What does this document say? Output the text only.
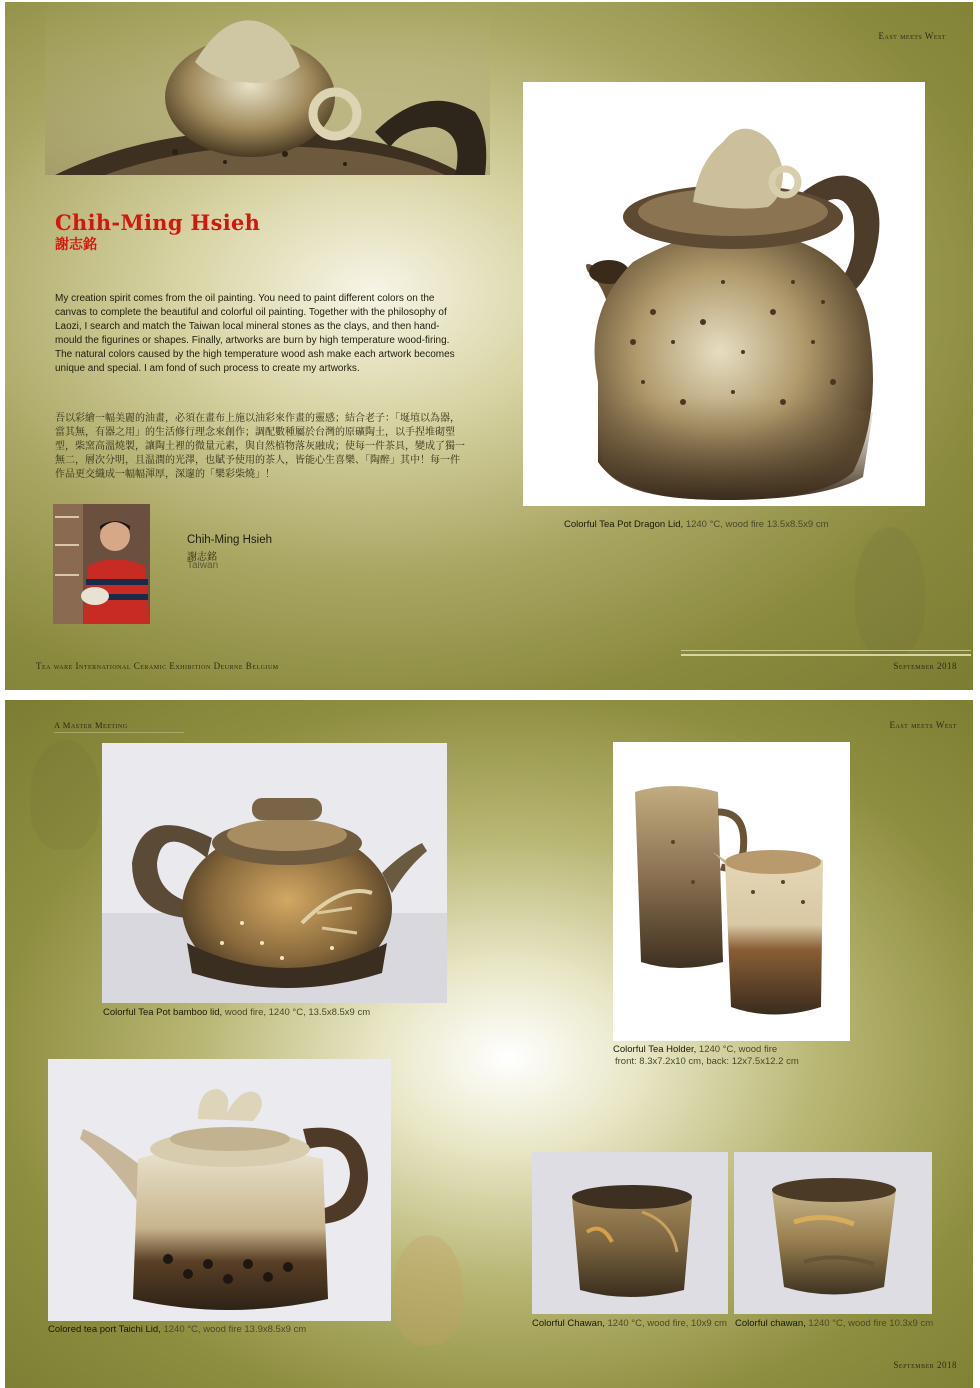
East meets West
Chih-Ming Hsieh
謝志銘
My creation spirit comes from the oil painting. You need to paint different colors on the canvas to complete the beautiful and colorful oil painting. Together with the philosophy of Laozi, I search and match the Taiwan local mineral stones as the clays, and then hand-mould the figurines or shapes. Finally, artworks are burn by high temperature wood-firing.
The natural colors caused by the high temperature wood ash make each artwork becomes unique and special. I am fond of such process to create my artworks.
吾以彩繪一幅美麗的油畫，必須在畫布上施以油彩來作畫的靈感；結合老子：「埏埴以為器，當其無，有器之用」的生活修行理念來創作；調配數種屬於台灣的原礦陶土，以手捏堆砌塑型，柴窯高溫燒製，讓陶土裡的微量元素，與自然植物落灰融成；使每一件茶具，變成了獨一無二，層次分明，且温潤的光澤，也賦予使用的茶人，皆能心生喜樂、「陶醉」其中！每一件作品更交織成一幅幅渾厚，深邃的「樂彩柴燒」！
Chih-Ming Hsieh
謝志銘
Taiwan
Colorful Tea Pot Dragon Lid, 1240 °C, wood fire 13.5x8.5x9 cm
Tea ware International Ceramic Exhibition Deurne Belgium	September 2018
A Master Meeting	East meets West
Colorful Tea Pot bamboo lid, wood fire, 1240 °C, 13.5x8.5x9 cm
Colorful Tea Holder, 1240 °C, wood fire
front: 8.3x7.2x10 cm, back: 12x7.5x12.2 cm
Colored tea port Taichi Lid, 1240 °C, wood fire 13.9x8.5x9 cm
Colorful Chawan, 1240 °C, wood fire, 10x9 cm Colorful chawan, 1240 °C, wood fire 10.3x9 cm
September 2018
